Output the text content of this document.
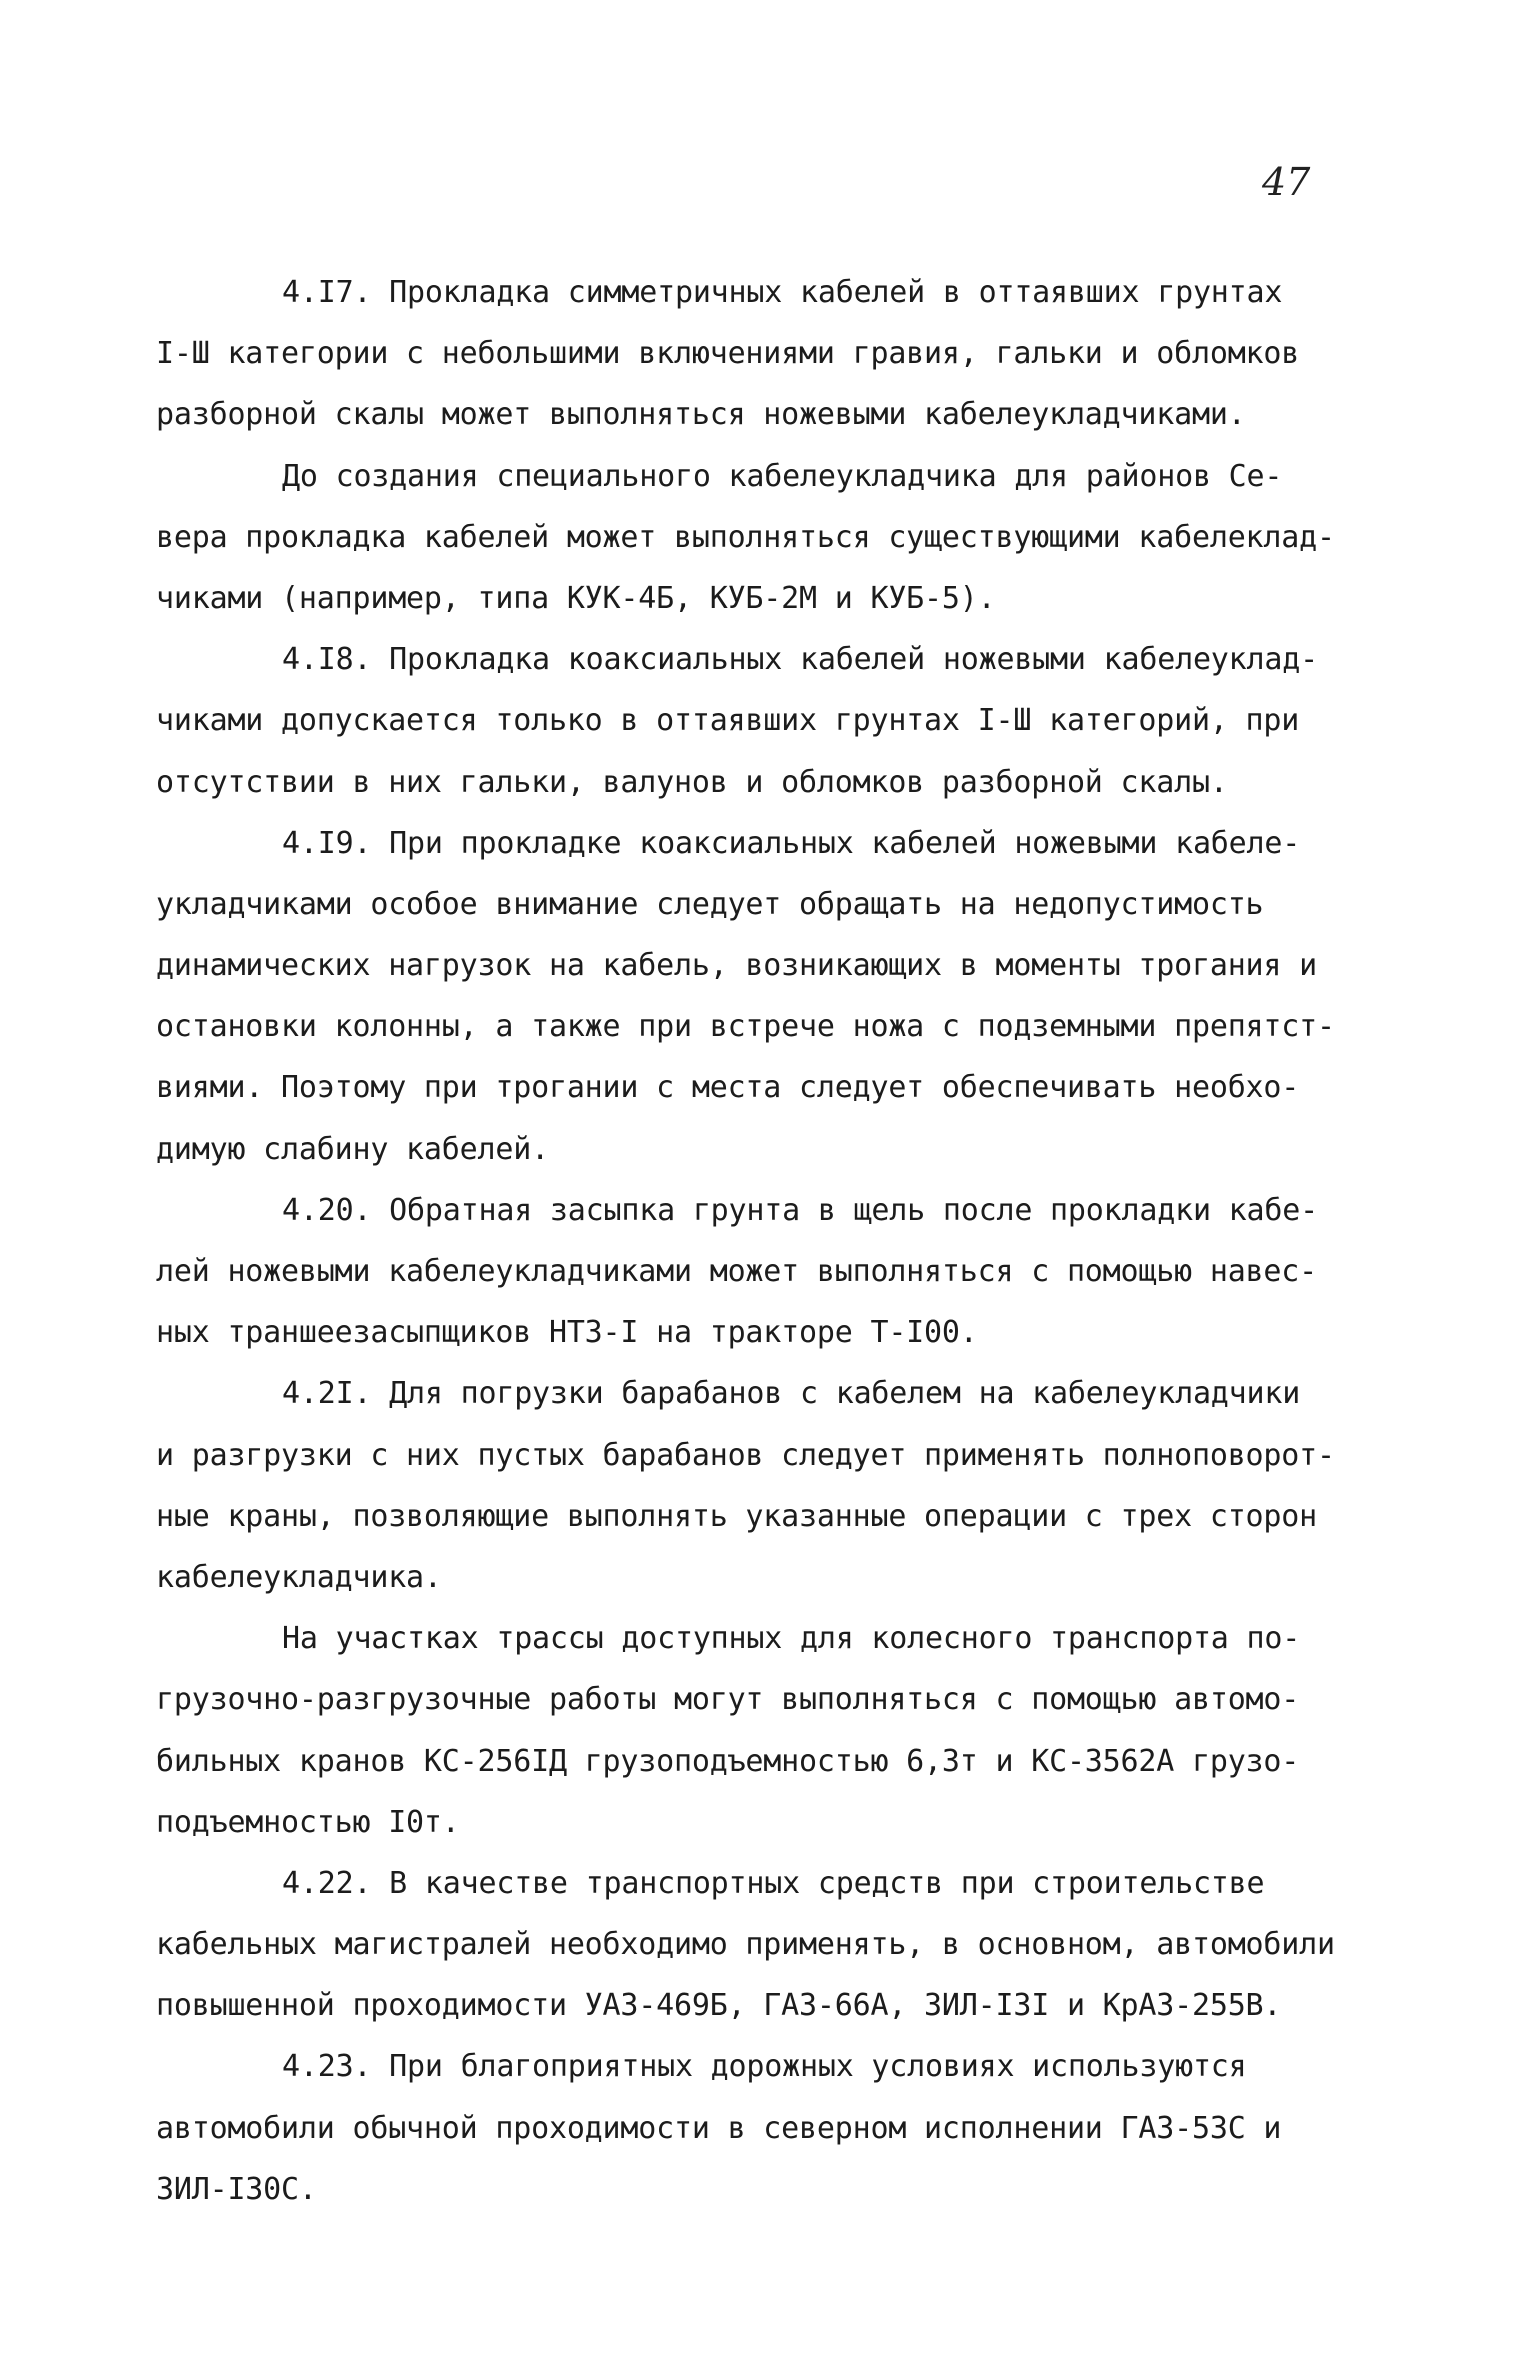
47
4.I7. Прокладка симметричных кабелей в оттаявших грунтах
I-Ш категории с небольшими включениями гравия, гальки и обломков
разборной скалы может выполняться ножевыми кабелеукладчиками.
До создания специального кабелеукладчика для районов Се-
вера прокладка кабелей может выполняться существующими кабелеклад-
чиками (например, типа КУК-4Б, КУБ-2М и КУБ-5).
4.I8. Прокладка коаксиальных кабелей ножевыми кабелеуклад-
чиками допускается только в оттаявших грунтах I-Ш категорий, при
отсутствии в них гальки, валунов и обломков разборной скалы.
4.I9. При прокладке коаксиальных кабелей ножевыми кабеле-
укладчиками особое внимание следует обращать на недопустимость
динамических нагрузок на кабель, возникающих в моменты трогания и
остановки колонны, а также при встрече ножа с подземными препятст-
виями. Поэтому при трогании с места следует обеспечивать необхо-
димую слабину кабелей.
4.20. Обратная засыпка грунта в щель после прокладки кабе-
лей ножевыми кабелеукладчиками может выполняться с помощью навес-
ных траншеезасыпщиков НТЗ-I на тракторе Т-I00.
4.2I. Для погрузки барабанов с кабелем на кабелеукладчики
и разгрузки с них пустых барабанов следует применять полноповорот-
ные краны, позволяющие выполнять указанные операции с трех сторон
кабелеукладчика.
На участках трассы доступных для колесного транспорта по-
грузочно-разгрузочные работы могут выполняться с помощью автомо-
бильных кранов КС-256IД грузоподъемностью 6,3т и КС-3562А грузо-
подъемностью I0т.
4.22. В качестве транспортных средств при строительстве
кабельных магистралей необходимо применять, в основном, автомобили
повышенной проходимости УАЗ-469Б, ГАЗ-66А, ЗИЛ-I3I и КрАЗ-255В.
4.23. При благоприятных дорожных условиях используются
автомобили обычной проходимости в северном исполнении ГАЗ-53С и
ЗИЛ-I30С.
